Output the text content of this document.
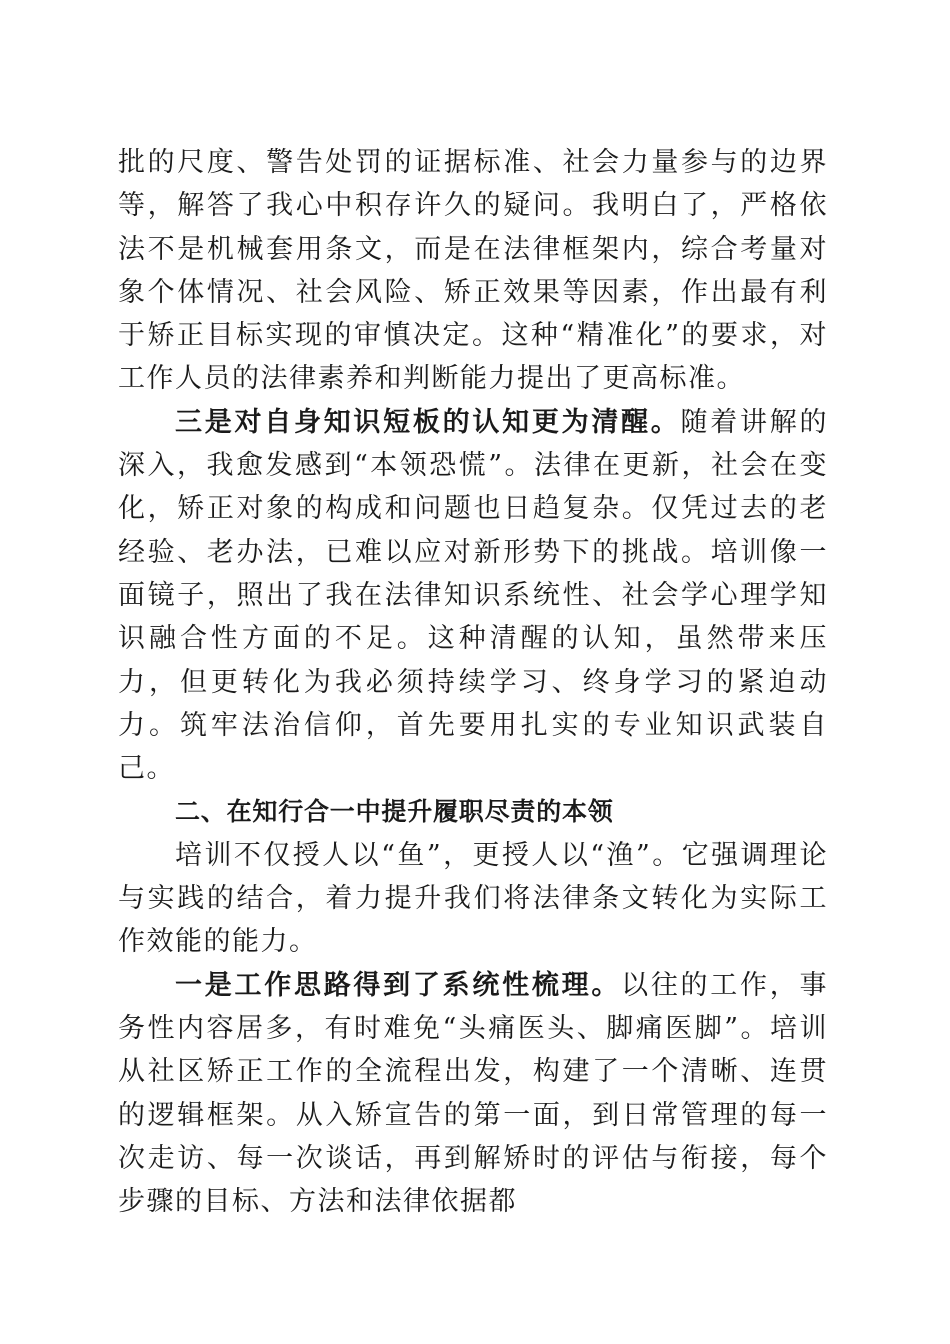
批的尺度、警告处罚的证据标准、社会力量参与的边界等，解答了我心中积存许久的疑问。我明白了，严格依法不是机械套用条文，而是在法律框架内，综合考量对象个体情况、社会风险、矫正效果等因素，作出最有利于矫正目标实现的审慎决定。这种“精准化”的要求，对工作人员的法律素养和判断能力提出了更高标准。

三是对自身知识短板的认知更为清醒。随着讲解的深入，我愈发感到“本领恐慌”。法律在更新，社会在变化，矫正对象的构成和问题也日趋复杂。仅凭过去的老经验、老办法，已难以应对新形势下的挑战。培训像一面镜子，照出了我在法律知识系统性、社会学心理学知识融合性方面的不足。这种清醒的认知，虽然带来压力，但更转化为我必须持续学习、终身学习的紧迫动力。筑牢法治信仰，首先要用扎实的专业知识武装自己。

二、在知行合一中提升履职尽责的本领

培训不仅授人以“鱼”，更授人以“渔”。它强调理论与实践的结合，着力提升我们将法律条文转化为实际工作效能的能力。

一是工作思路得到了系统性梳理。以往的工作，事务性内容居多，有时难免“头痛医头、脚痛医脚”。培训从社区矫正工作的全流程出发，构建了一个清晰、连贯的逻辑框架。从入矫宣告的第一面，到日常管理的每一次走访、每一次谈话，再到解矫时的评估与衔接，每个步骤的目标、方法和法律依据都
